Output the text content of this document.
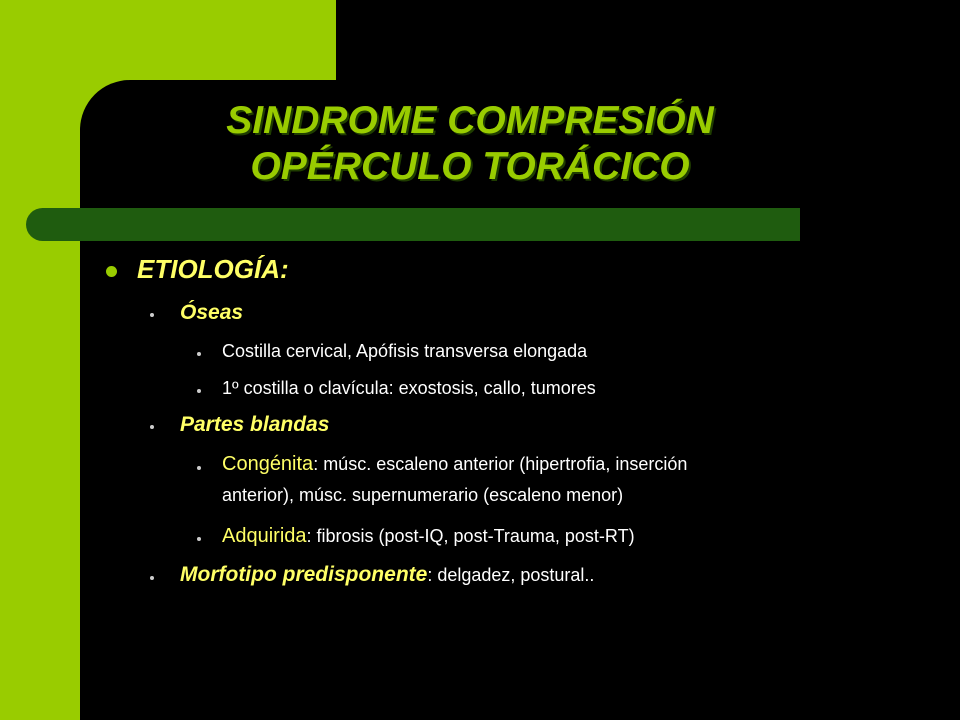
SINDROME COMPRESIÓN
OPÉRCULO TORÁCICO
ETIOLOGÍA:
Óseas
Costilla cervical, Apófisis transversa elongada
1º costilla o clavícula: exostosis, callo, tumores
Partes blandas
Congénita: músc. escaleno anterior (hipertrofia, inserción
anterior), músc. supernumerario (escaleno menor)
Adquirida: fibrosis (post-IQ, post-Trauma, post-RT)
Morfotipo predisponente: delgadez, postural..
